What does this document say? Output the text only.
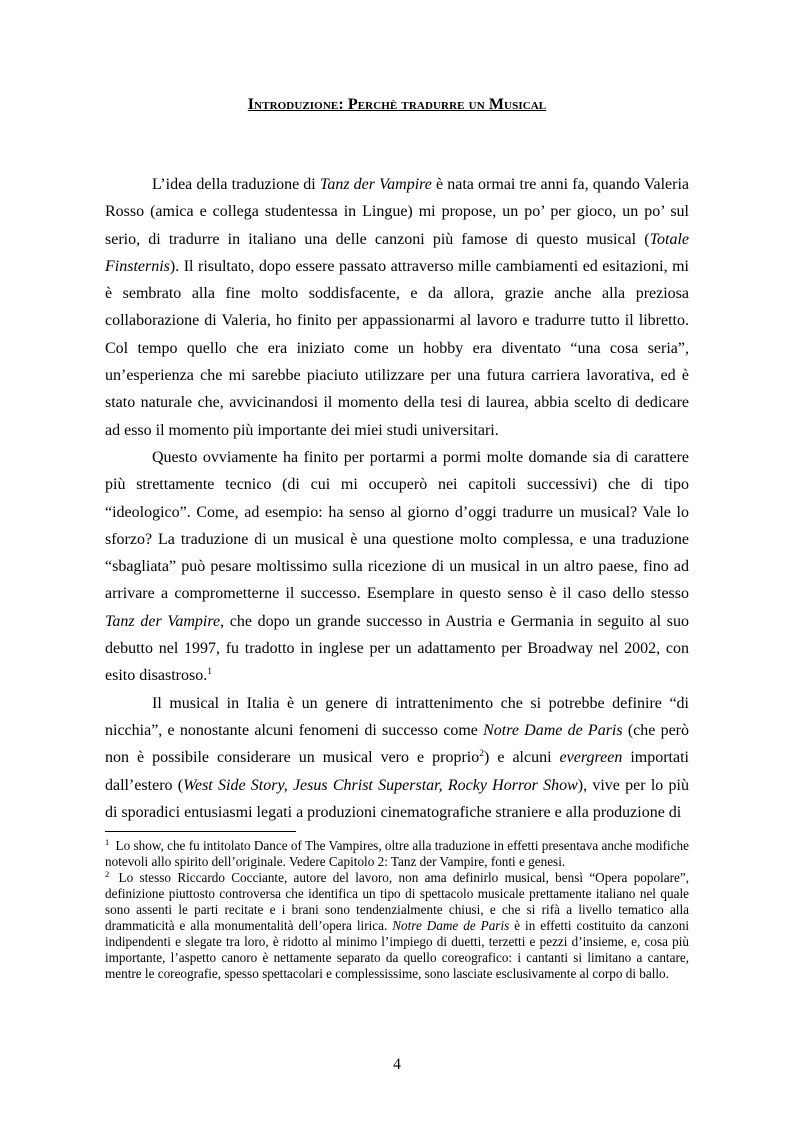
Introduzione: Perchè tradurre un Musical

L’idea della traduzione di Tanz der Vampire è nata ormai tre anni fa, quando Valeria Rosso (amica e collega studentessa in Lingue) mi propose, un po’ per gioco, un po’ sul serio, di tradurre in italiano una delle canzoni più famose di questo musical (Totale Finsternis). Il risultato, dopo essere passato attraverso mille cambiamenti ed esitazioni, mi è sembrato alla fine molto soddisfacente, e da allora, grazie anche alla preziosa collaborazione di Valeria, ho finito per appassionarmi al lavoro e tradurre tutto il libretto. Col tempo quello che era iniziato come un hobby era diventato “una cosa seria”, un’esperienza che mi sarebbe piaciuto utilizzare per una futura carriera lavorativa, ed è stato naturale che, avvicinandosi il momento della tesi di laurea, abbia scelto di dedicare ad esso il momento più importante dei miei studi universitari.

Questo ovviamente ha finito per portarmi a pormi molte domande sia di carattere più strettamente tecnico (di cui mi occuperò nei capitoli successivi) che di tipo “ideologico”. Come, ad esempio: ha senso al giorno d’oggi tradurre un musical? Vale lo sforzo? La traduzione di un musical è una questione molto complessa, e una traduzione “sbagliata” può pesare moltissimo sulla ricezione di un musical in un altro paese, fino ad arrivare a comprometterne il successo. Esemplare in questo senso è il caso dello stesso Tanz der Vampire, che dopo un grande successo in Austria e Germania in seguito al suo debutto nel 1997, fu tradotto in inglese per un adattamento per Broadway nel 2002, con esito disastroso.$^1$

Il musical in Italia è un genere di intrattenimento che si potrebbe definire “di nicchia”, e nonostante alcuni fenomeni di successo come Notre Dame de Paris (che però non è possibile considerare un musical vero e proprio$^2$) e alcuni evergreen importati dall’estero (West Side Story, Jesus Christ Superstar, Rocky Horror Show), vive per lo più di sporadici entusiasmi legati a produzioni cinematografiche straniere e alla produzione di

$^1$ Lo show, che fu intitolato Dance of The Vampires, oltre alla traduzione in effetti presentava anche modifiche notevoli allo spirito dell’originale. Vedere Capitolo 2: Tanz der Vampire, fonti e genesi.

$^2$ Lo stesso Riccardo Cocciante, autore del lavoro, non ama definirlo musical, bensì “Opera popolare”, definizione piuttosto controversa che identifica un tipo di spettacolo musicale prettamente italiano nel quale sono assenti le parti recitate e i brani sono tendenzialmente chiusi, e che si rifà a livello tematico alla drammaticità e alla monumentalità dell’opera lirica. Notre Dame de Paris è in effetti costituito da canzoni indipendenti e slegate tra loro, è ridotto al minimo l’impiego di duetti, terzetti e pezzi d’insieme, e, cosa più importante, l’aspetto canoro è nettamente separato da quello coreografico: i cantanti si limitano a cantare, mentre le coreografie, spesso spettacolari e complessissime, sono lasciate esclusivamente al corpo di ballo.

4
